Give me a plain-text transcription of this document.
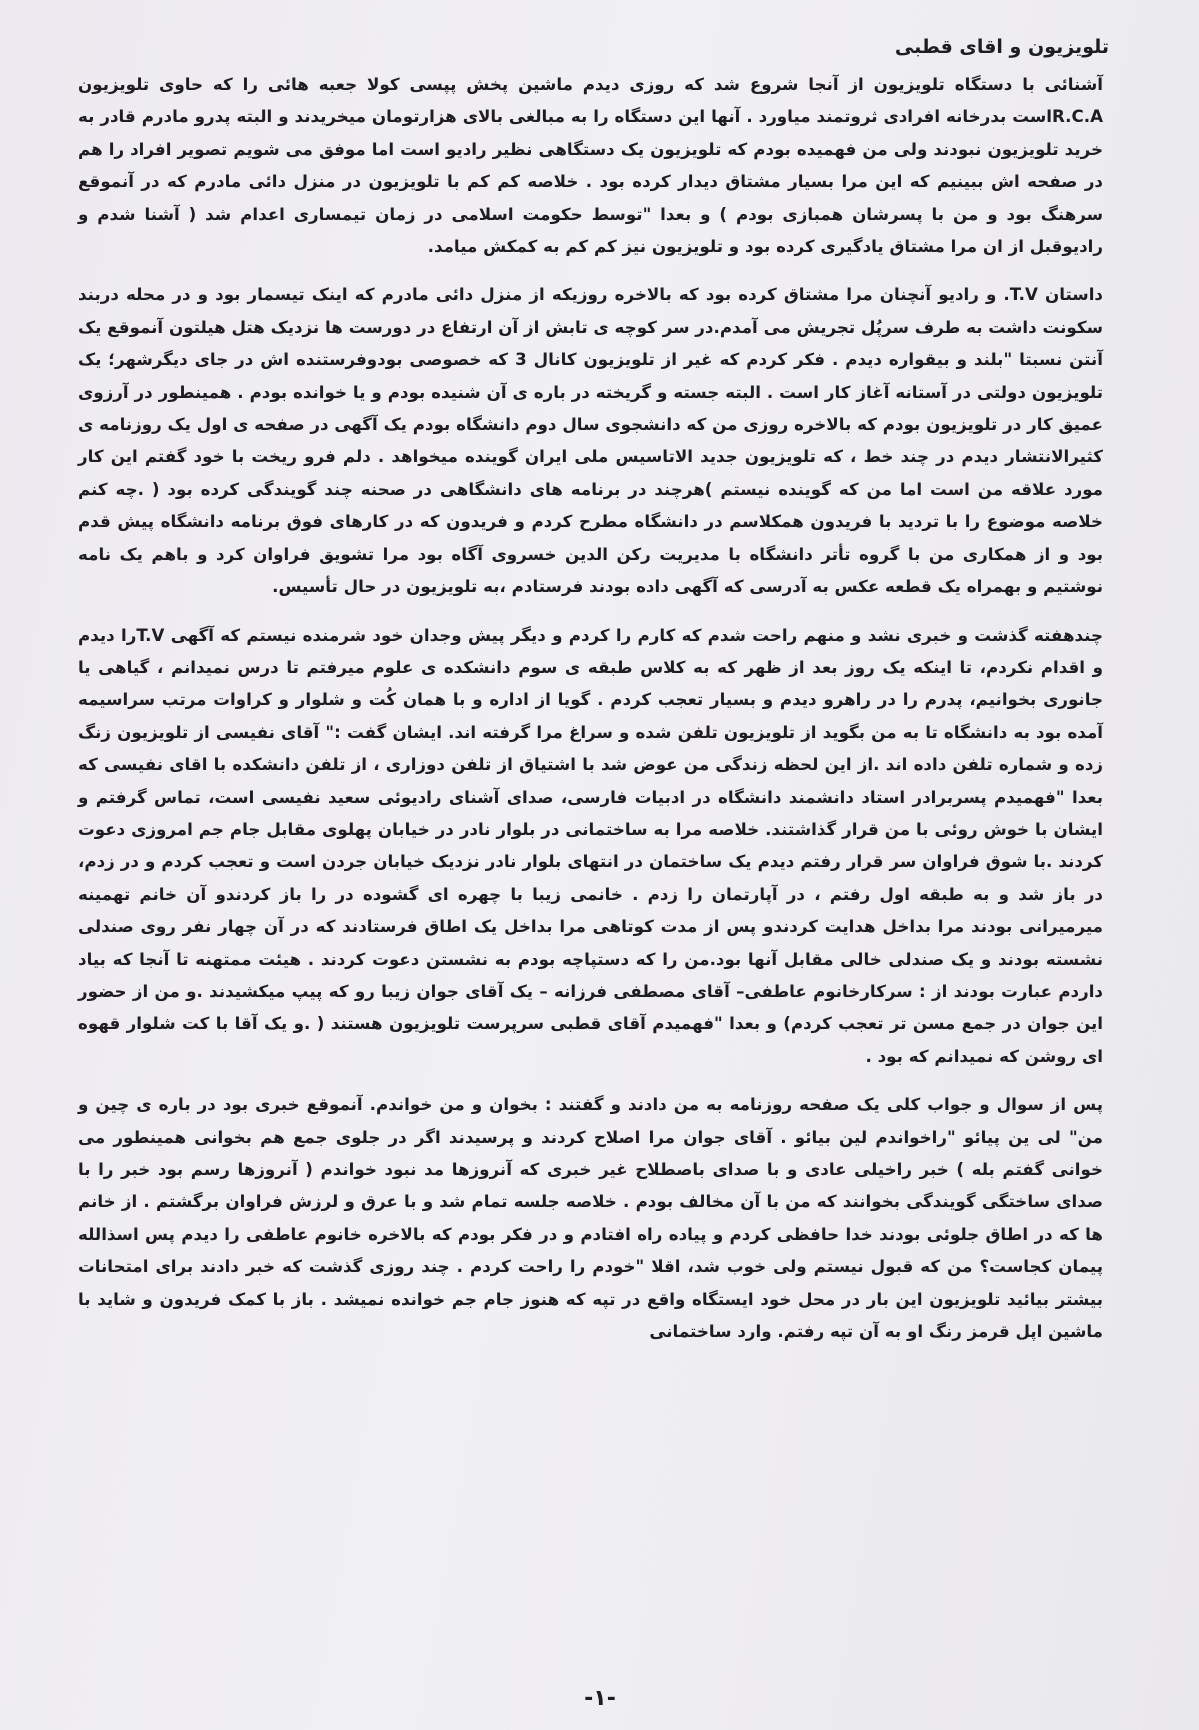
تلویزیون و اقای قطبی

آشنائی با دستگاه تلویزیون از آنجا شروع شد که روزی دیدم ماشین پخش پپسی کولا جعبه هائی را که حاوی تلویزیون R.C.Aاست بدرخانه افرادی ثروتمند میاورد . آنها این دستگاه را به مبالغی بالای هزارتومان میخریدند و البته پدرو مادرم قادر به خرید تلویزیون نبودند ولی من فهمیده بودم که تلویزیون یک دستگاهی نظیر رادیو است اما موفق می شویم تصویر افراد را هم در صفحه اش ببینیم که این مرا بسیار مشتاق دیدار کرده بود . خلاصه کم کم با تلویزیون در منزل دائی مادرم که در آنموقع سرهنگ بود و من با پسرشان همبازی بودم ) و بعدا "توسط حکومت اسلامی در زمان تیمساری اعدام شد ( آشنا شدم و رادیوقبل از ان مرا مشتاق یادگیری کرده بود و تلویزیون نیز کم کم به کمکش میامد.

داستان T.V. و رادیو آنچنان مرا مشتاق کرده بود که بالاخره روزیکه از منزل دائی مادرم که اینک تیسمار بود و در محله دربند سکونت داشت به طرف سرپُل تجریش می آمدم.در سر کوچه ی تابش از آن ارتفاع در دورست ها نزدیک هتل هیلتون آنموقع یک آنتن نسبتا "بلند و بیقواره دیدم . فکر کردم که غیر از تلویزیون کانال 3 که خصوصی بودوفرستنده اش در جای دیگرشهر؛ یک تلویزیون دولتی در آستانه آغاز کار است . البته جسته و گریخته در باره ی آن شنیده بودم و یا خوانده بودم . همینطور در آرزوی عمیق کار در تلویزیون بودم که بالاخره روزی من که دانشجوی سال دوم دانشگاه بودم یک آگهی در صفحه ی اول یک روزنامه ی کثیرالانتشار دیدم در چند خط ، که تلویزیون جدید الاتاسیس ملی ایران گوینده میخواهد . دلم فرو ریخت با خود گفتم این کار مورد علاقه من است اما من که گوینده نیستم )هرچند در برنامه های دانشگاهی در صحنه چند گویندگی کرده بود ( .چه کنم خلاصه موضوع را با تردید با فریدون همکلاسم در دانشگاه مطرح کردم و فریدون که در کارهای فوق برنامه دانشگاه پیش قدم بود و از همکاری من با گروه تأتر دانشگاه با مدیریت رکن الدین خسروی آگاه بود مرا تشویق فراوان کرد و باهم یک نامه نوشتیم و بهمراه یک قطعه عکس به آدرسی که آگهی داده بودند فرستادم ،به تلویزیون در حال تأسیس.

چندهفته گذشت و خبری نشد و منهم راحت شدم که کارم را کردم و دیگر پیش وجدان خود شرمنده نیستم که آگهی T.Vرا دیدم و اقدام نکردم، تا اینکه یک روز بعد از ظهر که به کلاس طبقه ی سوم دانشکده ی علوم میرفتم تا درس نمیدانم ، گیاهی یا جانوری بخوانیم، پدرم را در راهرو دیدم و بسیار تعجب کردم . گویا از اداره و با همان کُت و شلوار و کراوات مرتب سراسیمه آمده بود به دانشگاه تا به من بگوید از تلویزیون تلفن شده و سراغ مرا گرفته اند. ایشان گفت :" آقای نفیسی از تلویزیون زنگ زده و شماره تلفن داده اند .از این لحظه زندگی من عوض شد با اشتیاق از تلفن دوزاری ، از تلفن دانشکده با اقای نفیسی که بعدا "فهمیدم پسربرادر استاد دانشمند دانشگاه در ادبیات فارسی، صدای آشنای رادیوئی سعید نفیسی است، تماس گرفتم و ایشان با خوش روئی با من قرار گذاشتند. خلاصه مرا به ساختمانی در بلوار نادر در خیابان پهلوی مقابل جام جم امروزی دعوت کردند .با شوق فراوان سر قرار رفتم دیدم یک ساختمان در انتهای بلوار نادر نزدیک خیابان جردن است و تعجب کردم و در زدم، در باز شد و به طبقه اول رفتم ، در آپارتمان را زدم . خانمی زیبا با چهره ای گشوده در را باز کردندو آن خانم تهمینه میرمیرانی بودند مرا بداخل هدایت کردندو پس از مدت کوتاهی مرا بداخل یک اطاق فرستادند که در آن چهار نفر روی صندلی نشسته بودند و یک صندلی خالی مقابل آنها بود.من را که دستپاچه بودم به نشستن دعوت کردند . هیئت ممتهنه تا آنجا که بیاد داردم عبارت بودند از : سرکارخانوم عاطفی– آقای مصطفی فرزانه – یک آقای جوان زیبا رو که پیپ میکشیدند .و من از حضور این جوان در جمع مسن تر تعجب کردم) و بعدا "فهمیدم آقای قطبی سرپرست تلویزیون هستند ( .و یک آقا با کت شلوار قهوه ای روشن که نمیدانم که بود .

پس از سوال و جواب کلی یک صفحه روزنامه به من دادند و گفتند : بخوان و من خواندم. آنموقع خبری بود در باره ی چین و من" لی ین پیائو "راخواندم لین بیائو . آقای جوان مرا اصلاح کردند و پرسیدند اگر در جلوی جمع هم بخوانی همینطور می خوانی گفتم بله ) خبر راخیلی عادی و با صدای باصطلاح غیر خبری که آنروزها مد نبود خواندم ( آنروزها رسم بود خبر را با صدای ساختگی گویندگی بخوانند که من با آن مخالف بودم . خلاصه جلسه تمام شد و با عرق و لرزش فراوان برگشتم . از خانم ها که در اطاق جلوئی بودند خدا حافظی کردم و پیاده راه افتادم و در فکر بودم که بالاخره خانوم عاطفی را دیدم پس اسذالله پیمان کجاست؟ من که قبول نیستم ولی خوب شد، اقلا "خودم را راحت کردم . چند روزی گذشت که خبر دادند برای امتحانات بیشتر بیائید تلویزیون این بار در محل خود ایستگاه واقع در تپه که هنوز جام جم خوانده نمیشد . باز با کمک فریدون و شاید با ماشین اپل قرمز رنگ او به آن تپه رفتم. وارد ساختمانی

-۱-
